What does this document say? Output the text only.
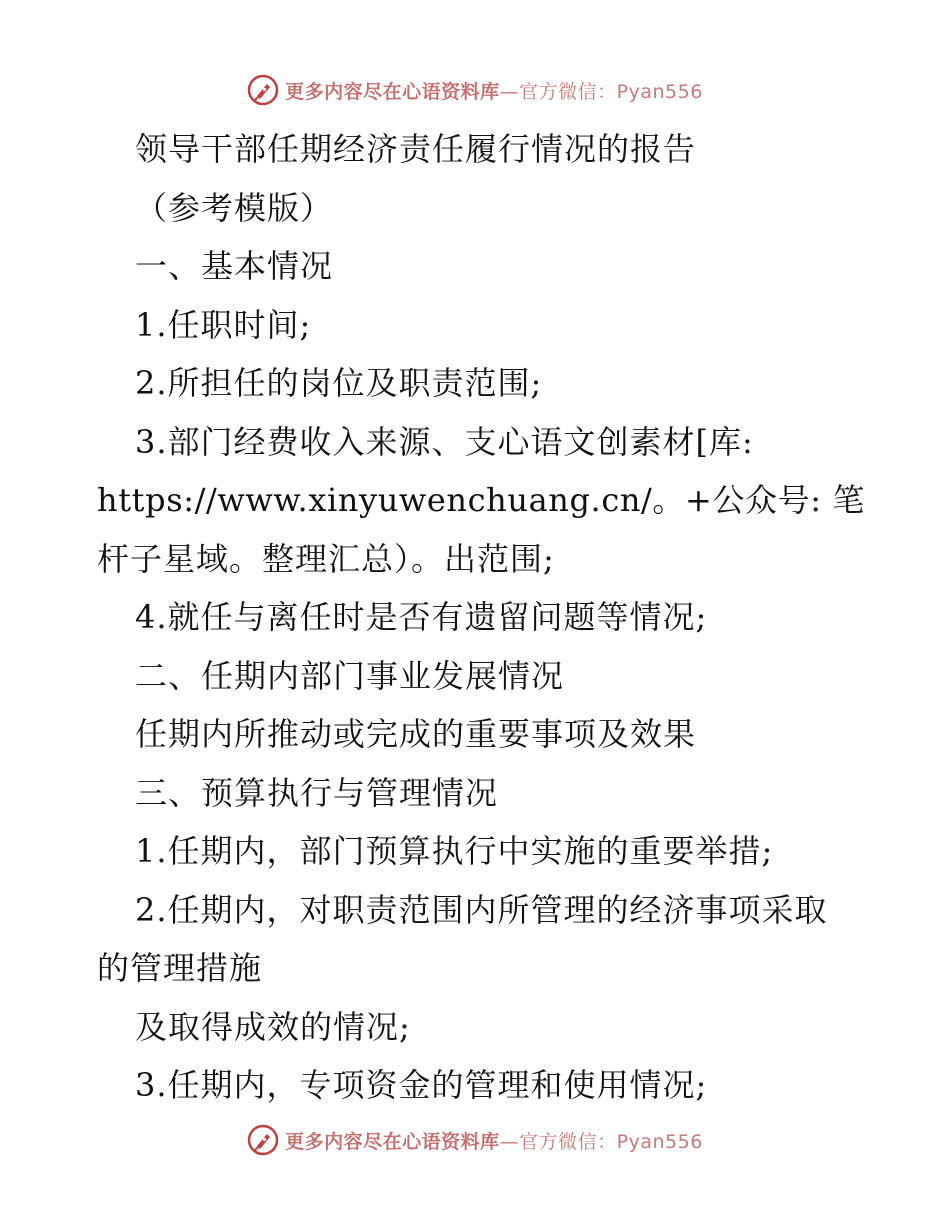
更多内容尽在心语资料库—官方微信：Pyan556
领导干部任期经济责任履行情况的报告
（参考模版）
一、基本情况
1.任职时间;
2.所担任的岗位及职责范围;
3.部门经费收入来源、支心语文创素材[库:
https://www.xinyuwenchuang.cn/。+公众号: 笔
杆子星域。整理汇总）。出范围;
4.就任与离任时是否有遗留问题等情况;
二、任期内部门事业发展情况
任期内所推动或完成的重要事项及效果
三、预算执行与管理情况
1.任期内，部门预算执行中实施的重要举措;
2.任期内，对职责范围内所管理的经济事项采取
的管理措施
及取得成效的情况;
3.任期内，专项资金的管理和使用情况;
更多内容尽在心语资料库—官方微信：Pyan556
